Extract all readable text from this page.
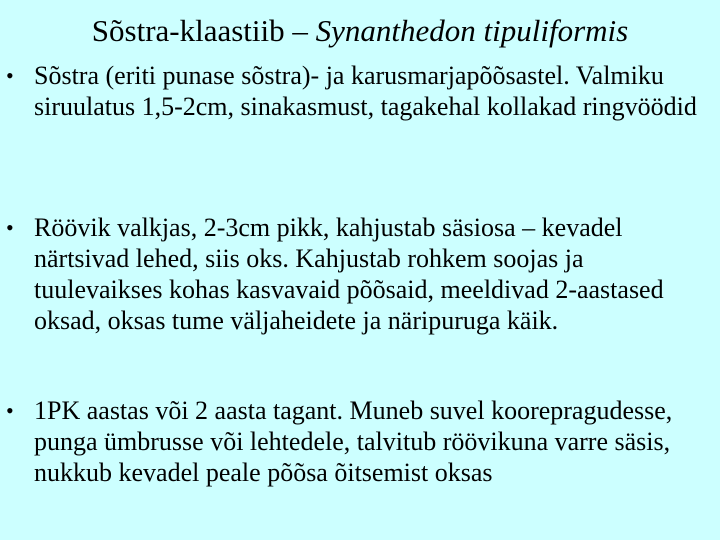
Sõstra-klaastiib – Synanthedon tipuliformis
• Sõstra (eriti punase sõstra)- ja karusmarjapõõsastel. Valmiku siruulatus 1,5-2cm, sinakasmust, tagakehal kollakad ringvöödid
• Röövik valkjas, 2-3cm pikk, kahjustab säsiosa – kevadel närtsivad lehed, siis oks. Kahjustab rohkem soojas ja tuulevaikses kohas kasvavaid põõsaid, meeldivad 2-aastased oksad, oksas tume väljaheidete ja näripuruga käik.
• 1PK aastas või 2 aasta tagant. Muneb suvel koorepragudesse, punga ümbrusse või lehtedele, talvitub röövikuna varre säsis, nukkub kevadel peale põõsa õitsemist oksas
